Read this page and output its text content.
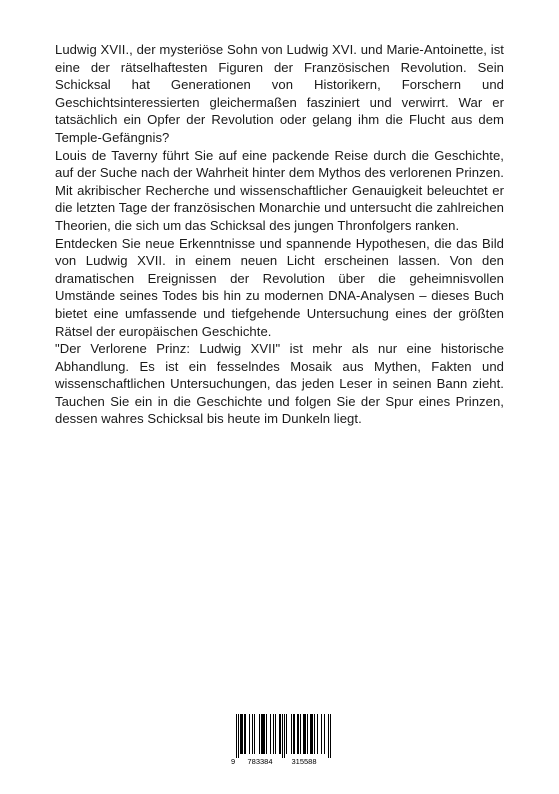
Ludwig XVII., der mysteriöse Sohn von Ludwig XVI. und Marie-Antoinette, ist eine der rätselhaftesten Figuren der Französischen Revolution. Sein Schicksal hat Generationen von Historikern, Forschern und Geschichtsinteressierten gleichermaßen fasziniert und verwirrt. War er tatsächlich ein Opfer der Revolution oder gelang ihm die Flucht aus dem Temple-Gefängnis?

Louis de Taverny führt Sie auf eine packende Reise durch die Geschichte, auf der Suche nach der Wahrheit hinter dem Mythos des verlorenen Prinzen. Mit akribischer Recherche und wissenschaftlicher Genauigkeit beleuchtet er die letzten Tage der französischen Monarchie und untersucht die zahlreichen Theorien, die sich um das Schicksal des jungen Thronfolgers ranken.

Entdecken Sie neue Erkenntnisse und spannende Hypothesen, die das Bild von Ludwig XVII. in einem neuen Licht erscheinen lassen. Von den dramatischen Ereignissen der Revolution über die geheimnisvollen Umstände seines Todes bis hin zu modernen DNA-Analysen – dieses Buch bietet eine umfassende und tiefgehende Untersuchung eines der größten Rätsel der europäischen Geschichte.

"Der Verlorene Prinz: Ludwig XVII" ist mehr als nur eine historische Abhandlung. Es ist ein fesselndes Mosaik aus Mythen, Fakten und wissenschaftlichen Untersuchungen, das jeden Leser in seinen Bann zieht. Tauchen Sie ein in die Geschichte und folgen Sie der Spur eines Prinzen, dessen wahres Schicksal bis heute im Dunkeln liegt.

9 783384	315588
